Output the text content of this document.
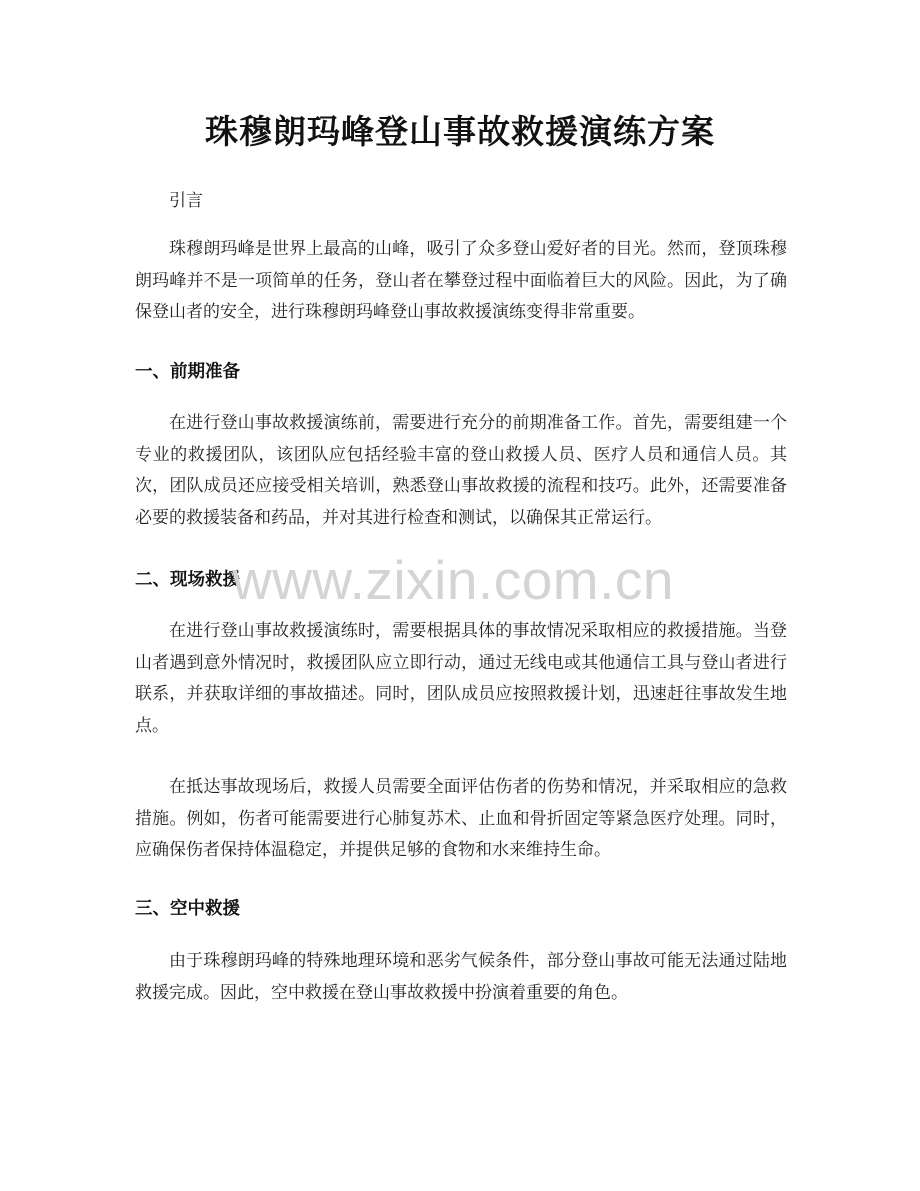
珠穆朗玛峰登山事故救援演练方案

引言

珠穆朗玛峰是世界上最高的山峰，吸引了众多登山爱好者的目光。然而，登顶珠穆朗玛峰并不是一项简单的任务，登山者在攀登过程中面临着巨大的风险。因此，为了确保登山者的安全，进行珠穆朗玛峰登山事故救援演练变得非常重要。

一、前期准备

在进行登山事故救援演练前，需要进行充分的前期准备工作。首先，需要组建一个专业的救援团队，该团队应包括经验丰富的登山救援人员、医疗人员和通信人员。其次，团队成员还应接受相关培训，熟悉登山事故救援的流程和技巧。此外，还需要准备必要的救援装备和药品，并对其进行检查和测试，以确保其正常运行。

二、现场救援

在进行登山事故救援演练时，需要根据具体的事故情况采取相应的救援措施。当登山者遇到意外情况时，救援团队应立即行动，通过无线电或其他通信工具与登山者进行联系，并获取详细的事故描述。同时，团队成员应按照救援计划，迅速赶往事故发生地点。

在抵达事故现场后，救援人员需要全面评估伤者的伤势和情况，并采取相应的急救措施。例如，伤者可能需要进行心肺复苏术、止血和骨折固定等紧急医疗处理。同时，应确保伤者保持体温稳定，并提供足够的食物和水来维持生命。

三、空中救援

由于珠穆朗玛峰的特殊地理环境和恶劣气候条件，部分登山事故可能无法通过陆地救援完成。因此，空中救援在登山事故救援中扮演着重要的角色。

www.zixin.com.cn
